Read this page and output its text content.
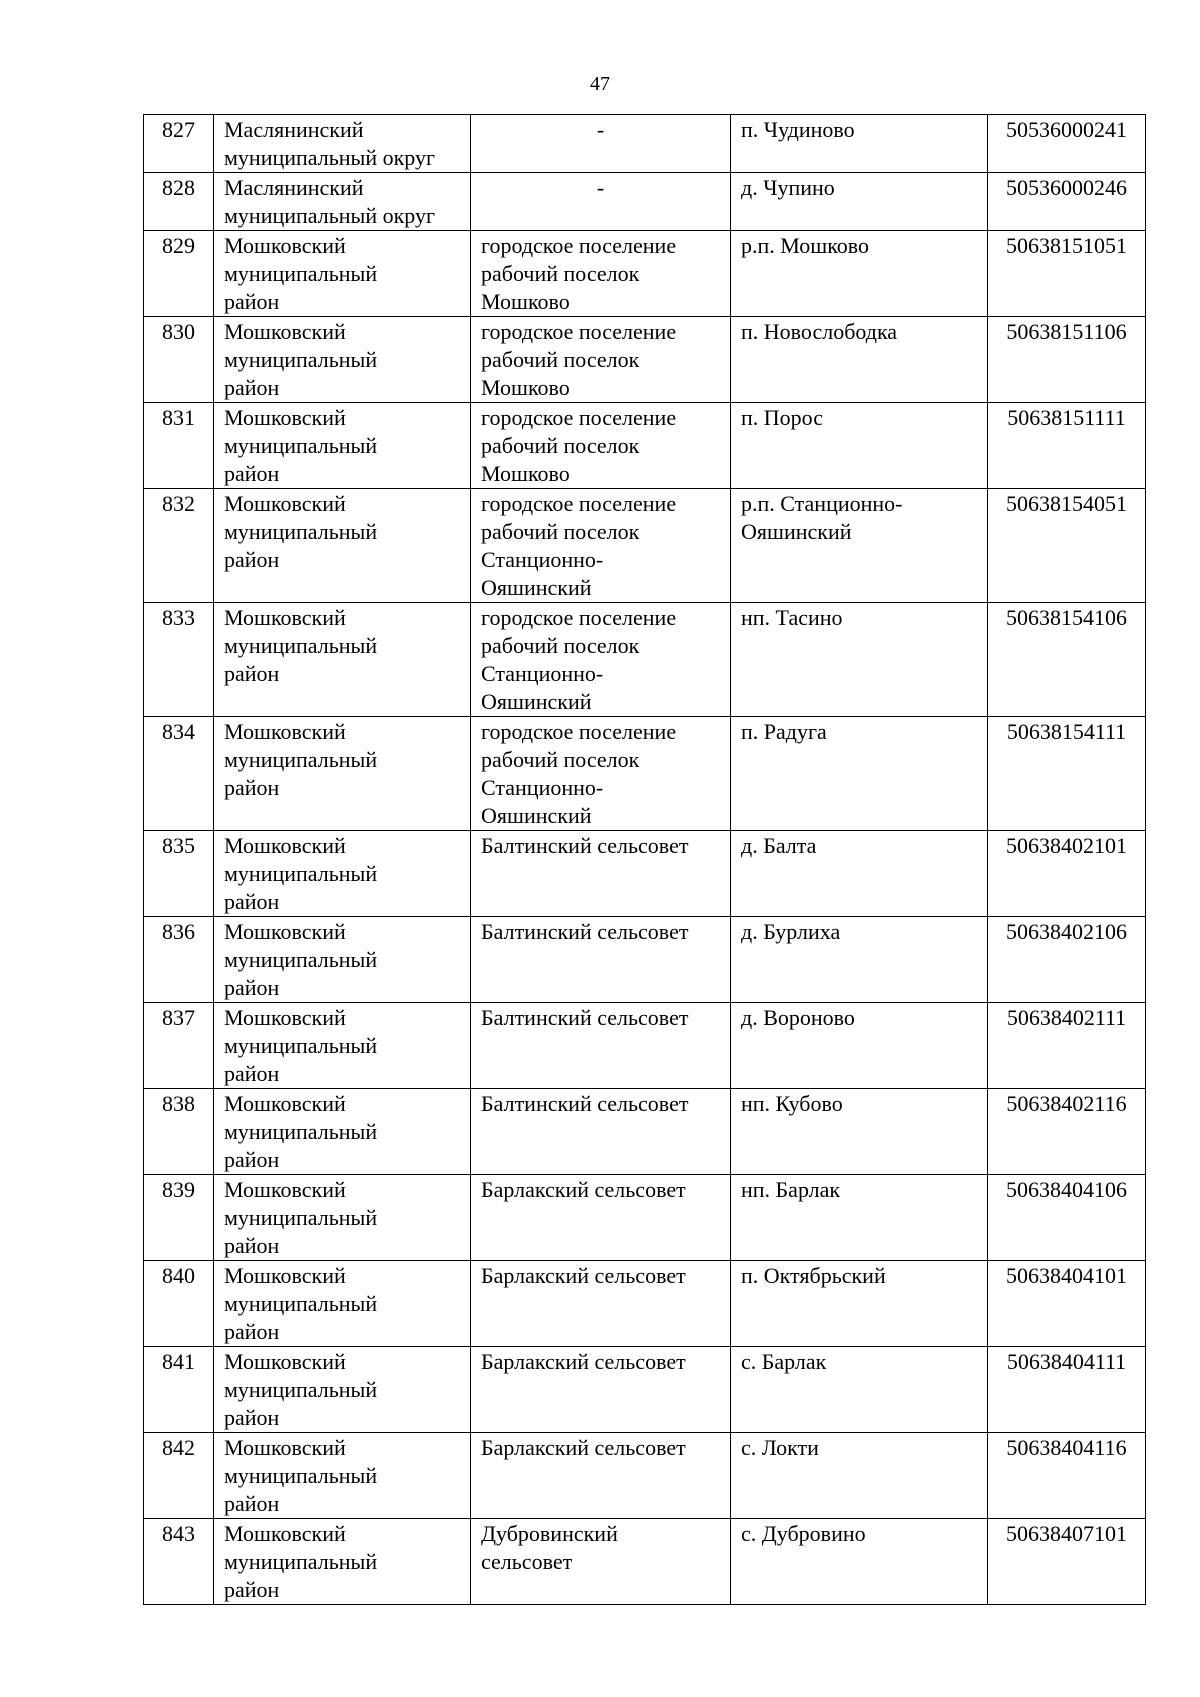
47
827	Маслянинский
муниципальный округ	-	п. Чудиново	50536000241
828	Маслянинский
муниципальный округ	-	д. Чупино	50536000246
829	Мошковский
муниципальный
район	городское поселение
рабочий поселок
Мошково	р.п. Мошково	50638151051
830	Мошковский
муниципальный
район	городское поселение
рабочий поселок
Мошково	п. Новослободка	50638151106
831	Мошковский
муниципальный
район	городское поселение
рабочий поселок
Мошково	п. Порос	50638151111
832	Мошковский
муниципальный
район	городское поселение
рабочий поселок
Станционно-
Ояшинский	р.п. Станционно-
Ояшинский	50638154051
833	Мошковский
муниципальный
район	городское поселение
рабочий поселок
Станционно-
Ояшинский	нп. Тасино	50638154106
834	Мошковский
муниципальный
район	городское поселение
рабочий поселок
Станционно-
Ояшинский	п. Радуга	50638154111
835	Мошковский
муниципальный
район	Балтинский сельсовет	д. Балта	50638402101
836	Мошковский
муниципальный
район	Балтинский сельсовет	д. Бурлиха	50638402106
837	Мошковский
муниципальный
район	Балтинский сельсовет	д. Вороново	50638402111
838	Мошковский
муниципальный
район	Балтинский сельсовет	нп. Кубово	50638402116
839	Мошковский
муниципальный
район	Барлакский сельсовет	нп. Барлак	50638404106
840	Мошковский
муниципальный
район	Барлакский сельсовет	п. Октябрьский	50638404101
841	Мошковский
муниципальный
район	Барлакский сельсовет	с. Барлак	50638404111
842	Мошковский
муниципальный
район	Барлакский сельсовет	с. Локти	50638404116
843	Мошковский
муниципальный
район	Дубровинский
сельсовет	с. Дубровино	50638407101
